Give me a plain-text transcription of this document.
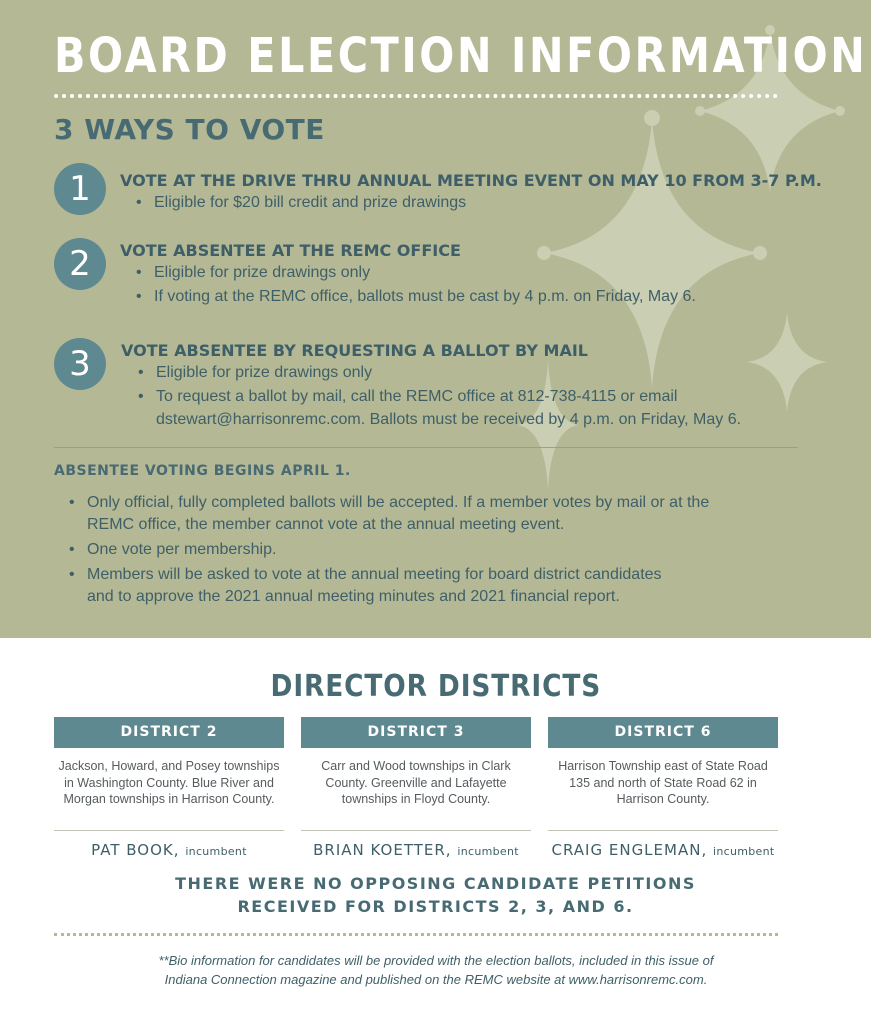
BOARD ELECTION INFORMATION
3 WAYS TO VOTE
1	VOTE AT THE DRIVE THRU ANNUAL MEETING EVENT ON MAY 10 FROM 3-7 P.M.
• Eligible for $20 bill credit and prize drawings
2	VOTE ABSENTEE AT THE REMC OFFICE
• Eligible for prize drawings only
• If voting at the REMC office, ballots must be cast by 4 p.m. on Friday, May 6.
3	VOTE ABSENTEE BY REQUESTING A BALLOT BY MAIL
• Eligible for prize drawings only
• To request a ballot by mail, call the REMC office at 812-738-4115 or email
dstewart@harrisonremc.com. Ballots must be received by 4 p.m. on Friday, May 6.
ABSENTEE VOTING BEGINS APRIL 1.
• Only official, fully completed ballots will be accepted. If a member votes by mail or at the
REMC office, the member cannot vote at the annual meeting event.
• One vote per membership.
• Members will be asked to vote at the annual meeting for board district candidates
and to approve the 2021 annual meeting minutes and 2021 financial report.
DIRECTOR DISTRICTS
DISTRICT 2

Jackson, Howard, and Posey townships in Washington County. Blue River and Morgan townships in Harrison County.

PAT BOOK, incumbent
DISTRICT 3

Carr and Wood townships in Clark County. Greenville and Lafayette townships in Floyd County.

BRIAN KOETTER, incumbent
DISTRICT 6

Harrison Township east of State Road 135 and north of State Road 62 in Harrison County.

CRAIG ENGLEMAN, incumbent

THERE WERE NO OPPOSING CANDIDATE PETITIONS
RECEIVED FOR DISTRICTS 2, 3, AND 6.

**Bio information for candidates will be provided with the election ballots, included in this issue of
Indiana Connection magazine and published on the REMC website at www.harrisonremc.com.
